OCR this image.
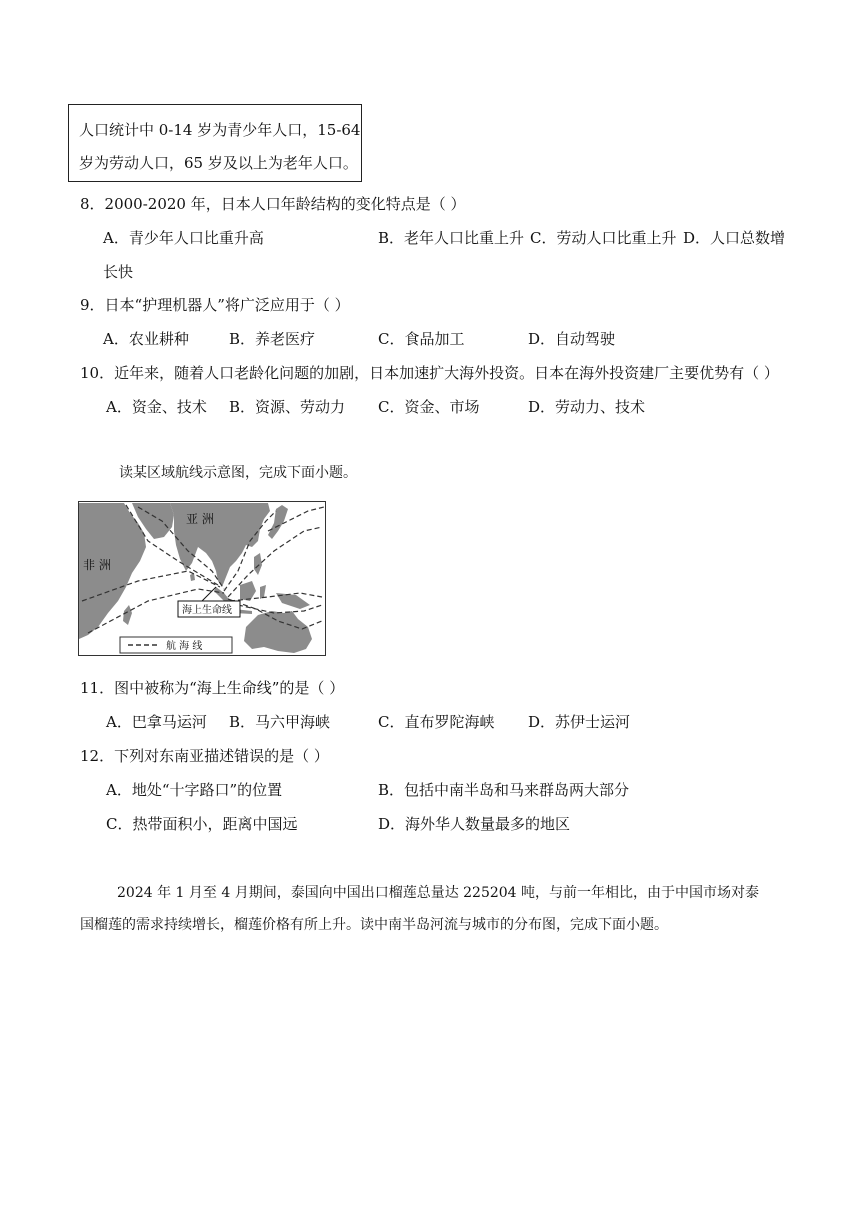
人口统计中 0-14 岁为青少年人口，15-64
岁为劳动人口，65 岁及以上为老年人口。
8．2000-2020 年，日本人口年龄结构的变化特点是（ ）
A．青少年人口比重升高	B．老年人口比重上升 C．劳动人口比重上升 D．人口总数增
长快
9．日本“护理机器人”将广泛应用于（ ）
A．农业耕种	B．养老医疗	C．食品加工	D．自动驾驶
10．近年来，随着人口老龄化问题的加剧，日本加速扩大海外投资。日本在海外投资建厂主要优势有（ ）
A．资金、技术 B．资源、劳动力 C．资金、市场	D．劳动力、技术
读某区域航线示意图，完成下面小题。
亚 洲
非 洲
海上生命线
航 海 线
11．图中被称为“海上生命线”的是（ ）
A．巴拿马运河 B．马六甲海峡	C．直布罗陀海峡 D．苏伊士运河
12．下列对东南亚描述错误的是（ ）
A．地处“十字路口”的位置	B．包括中南半岛和马来群岛两大部分
C．热带面积小，距离中国远	D．海外华人数量最多的地区
2024 年 1 月至 4 月期间，泰国向中国出口榴莲总量达 225204 吨，与前一年相比，由于中国市场对泰
国榴莲的需求持续增长，榴莲价格有所上升。读中南半岛河流与城市的分布图，完成下面小题。
